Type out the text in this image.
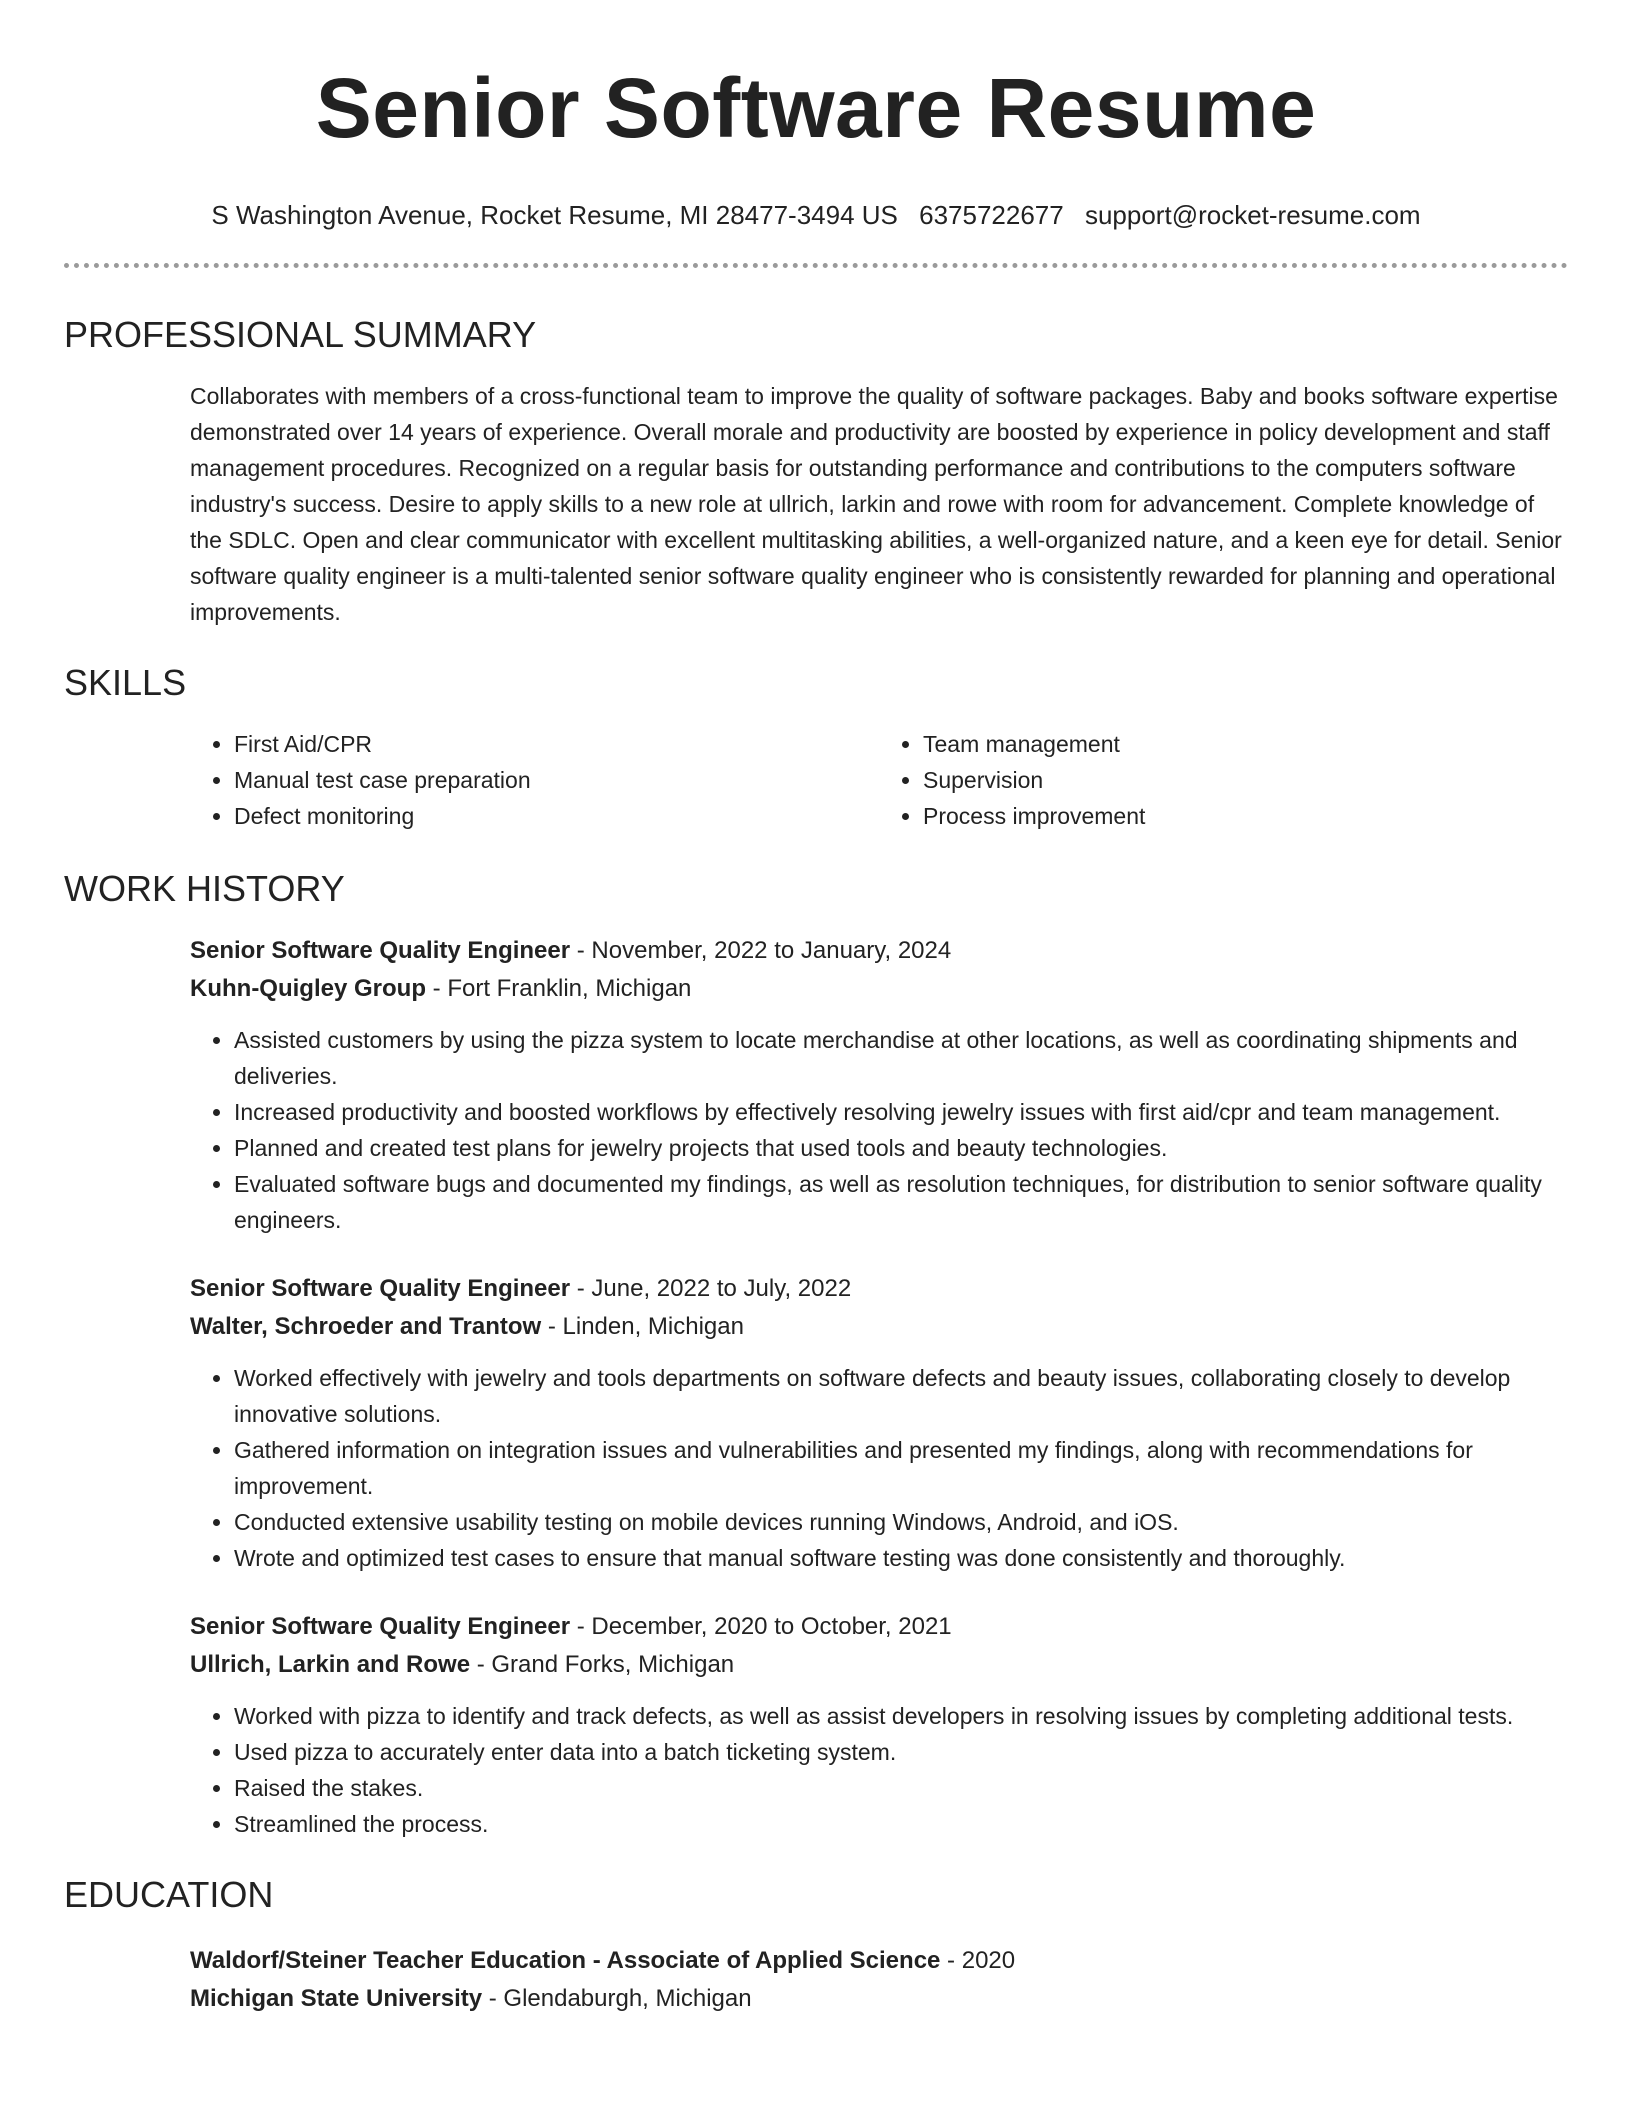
Senior Software Resume
S Washington Avenue, Rocket Resume, MI 28477-3494 US 6375722677 support@rocket-resume.com
PROFESSIONAL SUMMARY

Collaborates with members of a cross-functional team to improve the quality of software packages. Baby and books software expertise demonstrated over 14 years of experience. Overall morale and productivity are boosted by experience in policy development and staff management procedures. Recognized on a regular basis for outstanding performance and contributions to the computers software industry's success. Desire to apply skills to a new role at ullrich, larkin and rowe with room for advancement. Complete knowledge of the SDLC. Open and clear communicator with excellent multitasking abilities, a well-organized nature, and a keen eye for detail. Senior software quality engineer is a multi-talented senior software quality engineer who is consistently rewarded for planning and operational improvements.

SKILLS
• First Aid/CPR
• Manual test case preparation
• Defect monitoring
• Team management
• Supervision
• Process improvement
WORK HISTORY
Senior Software Quality Engineer - November, 2022 to January, 2024
Kuhn-Quigley Group - Fort Franklin, Michigan
• Assisted customers by using the pizza system to locate merchandise at other locations, as well as coordinating shipments and deliveries.
• Increased productivity and boosted workflows by effectively resolving jewelry issues with first aid/cpr and team management.
• Planned and created test plans for jewelry projects that used tools and beauty technologies.
• Evaluated software bugs and documented my findings, as well as resolution techniques, for distribution to senior software quality engineers.
Senior Software Quality Engineer - June, 2022 to July, 2022
Walter, Schroeder and Trantow - Linden, Michigan
• Worked effectively with jewelry and tools departments on software defects and beauty issues, collaborating closely to develop innovative solutions.
• Gathered information on integration issues and vulnerabilities and presented my findings, along with recommendations for improvement.
• Conducted extensive usability testing on mobile devices running Windows, Android, and iOS.
• Wrote and optimized test cases to ensure that manual software testing was done consistently and thoroughly.
Senior Software Quality Engineer - December, 2020 to October, 2021
Ullrich, Larkin and Rowe - Grand Forks, Michigan
• Worked with pizza to identify and track defects, as well as assist developers in resolving issues by completing additional tests.
• Used pizza to accurately enter data into a batch ticketing system.
• Raised the stakes.
• Streamlined the process.
EDUCATION
Waldorf/Steiner Teacher Education - Associate of Applied Science - 2020
Michigan State University - Glendaburgh, Michigan
